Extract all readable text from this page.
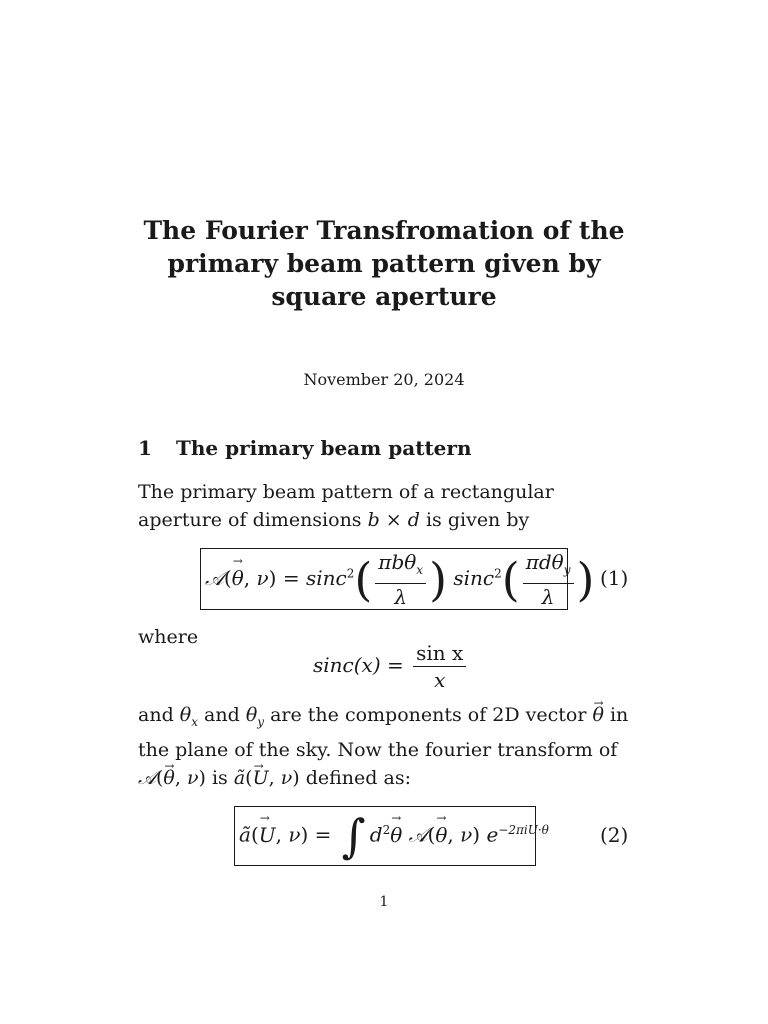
The Fourier Transfromation of the
primary beam pattern given by
square aperture
November 20, 2024
1 The primary beam pattern
The primary beam pattern of a rectangular aperture of dimensions b × d is given by
𝒜(→ θ, $\nu) = \sin c^2( \frac{\pi b\theta_x}{\lambda}$ ) $\sin c^2( \frac{\pi d\theta_y}{\lambda}$ ) (1)
where
$\sin c(x) = \frac{\text{sin x}}{x}$
and $\theta_x$ and $\theta_y$ are the components of 2D vector → θ in the plane of the sky. Now the fourier transform of 𝒜(→ θ, ν) is ã(→ U, ν) defined as:
ã(→ U, ν) = ∫ $d^2\to \theta$ 𝒜(→ θ, ν) $e^{-2\pi iU\cdot\theta}$	(2)
1
